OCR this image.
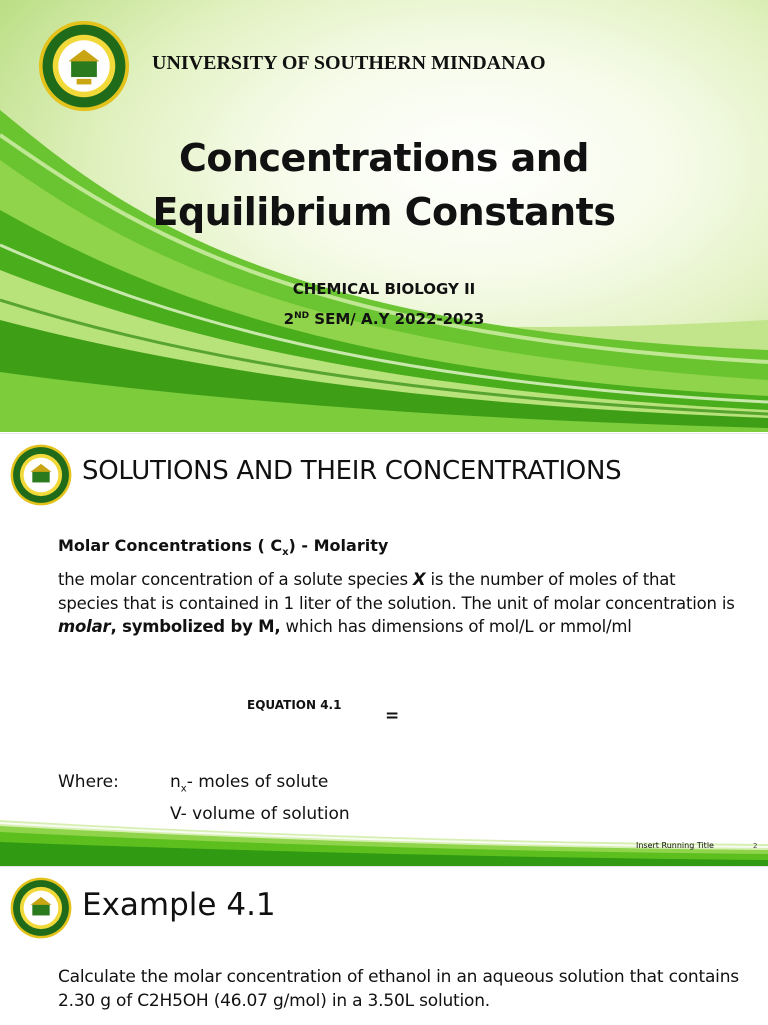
UNIVERSITY OF SOUTHERN MINDANAO
Concentrations and
Equilibrium Constants
CHEMICAL BIOLOGY II
2ND SEM/ A.Y 2022-2023
SOLUTIONS AND THEIR CONCENTRATIONS
Molar Concentrations ( $C_x$) - Molarity
the molar concentration of a solute species X is the number of moles of that species that is contained in 1 liter of the solution. The unit of molar concentration is molar, symbolized by M, which has dimensions of mol/L or mmol/ml
EQUATION 4.1
=
Where:	$n_x-$ moles of solute
V- volume of solution
Insert Running Title	2
Example 4.1
Calculate the molar concentration of ethanol in an aqueous solution that contains 2.30 g of C2H5OH (46.07 g/mol) in a 3.50L solution.
